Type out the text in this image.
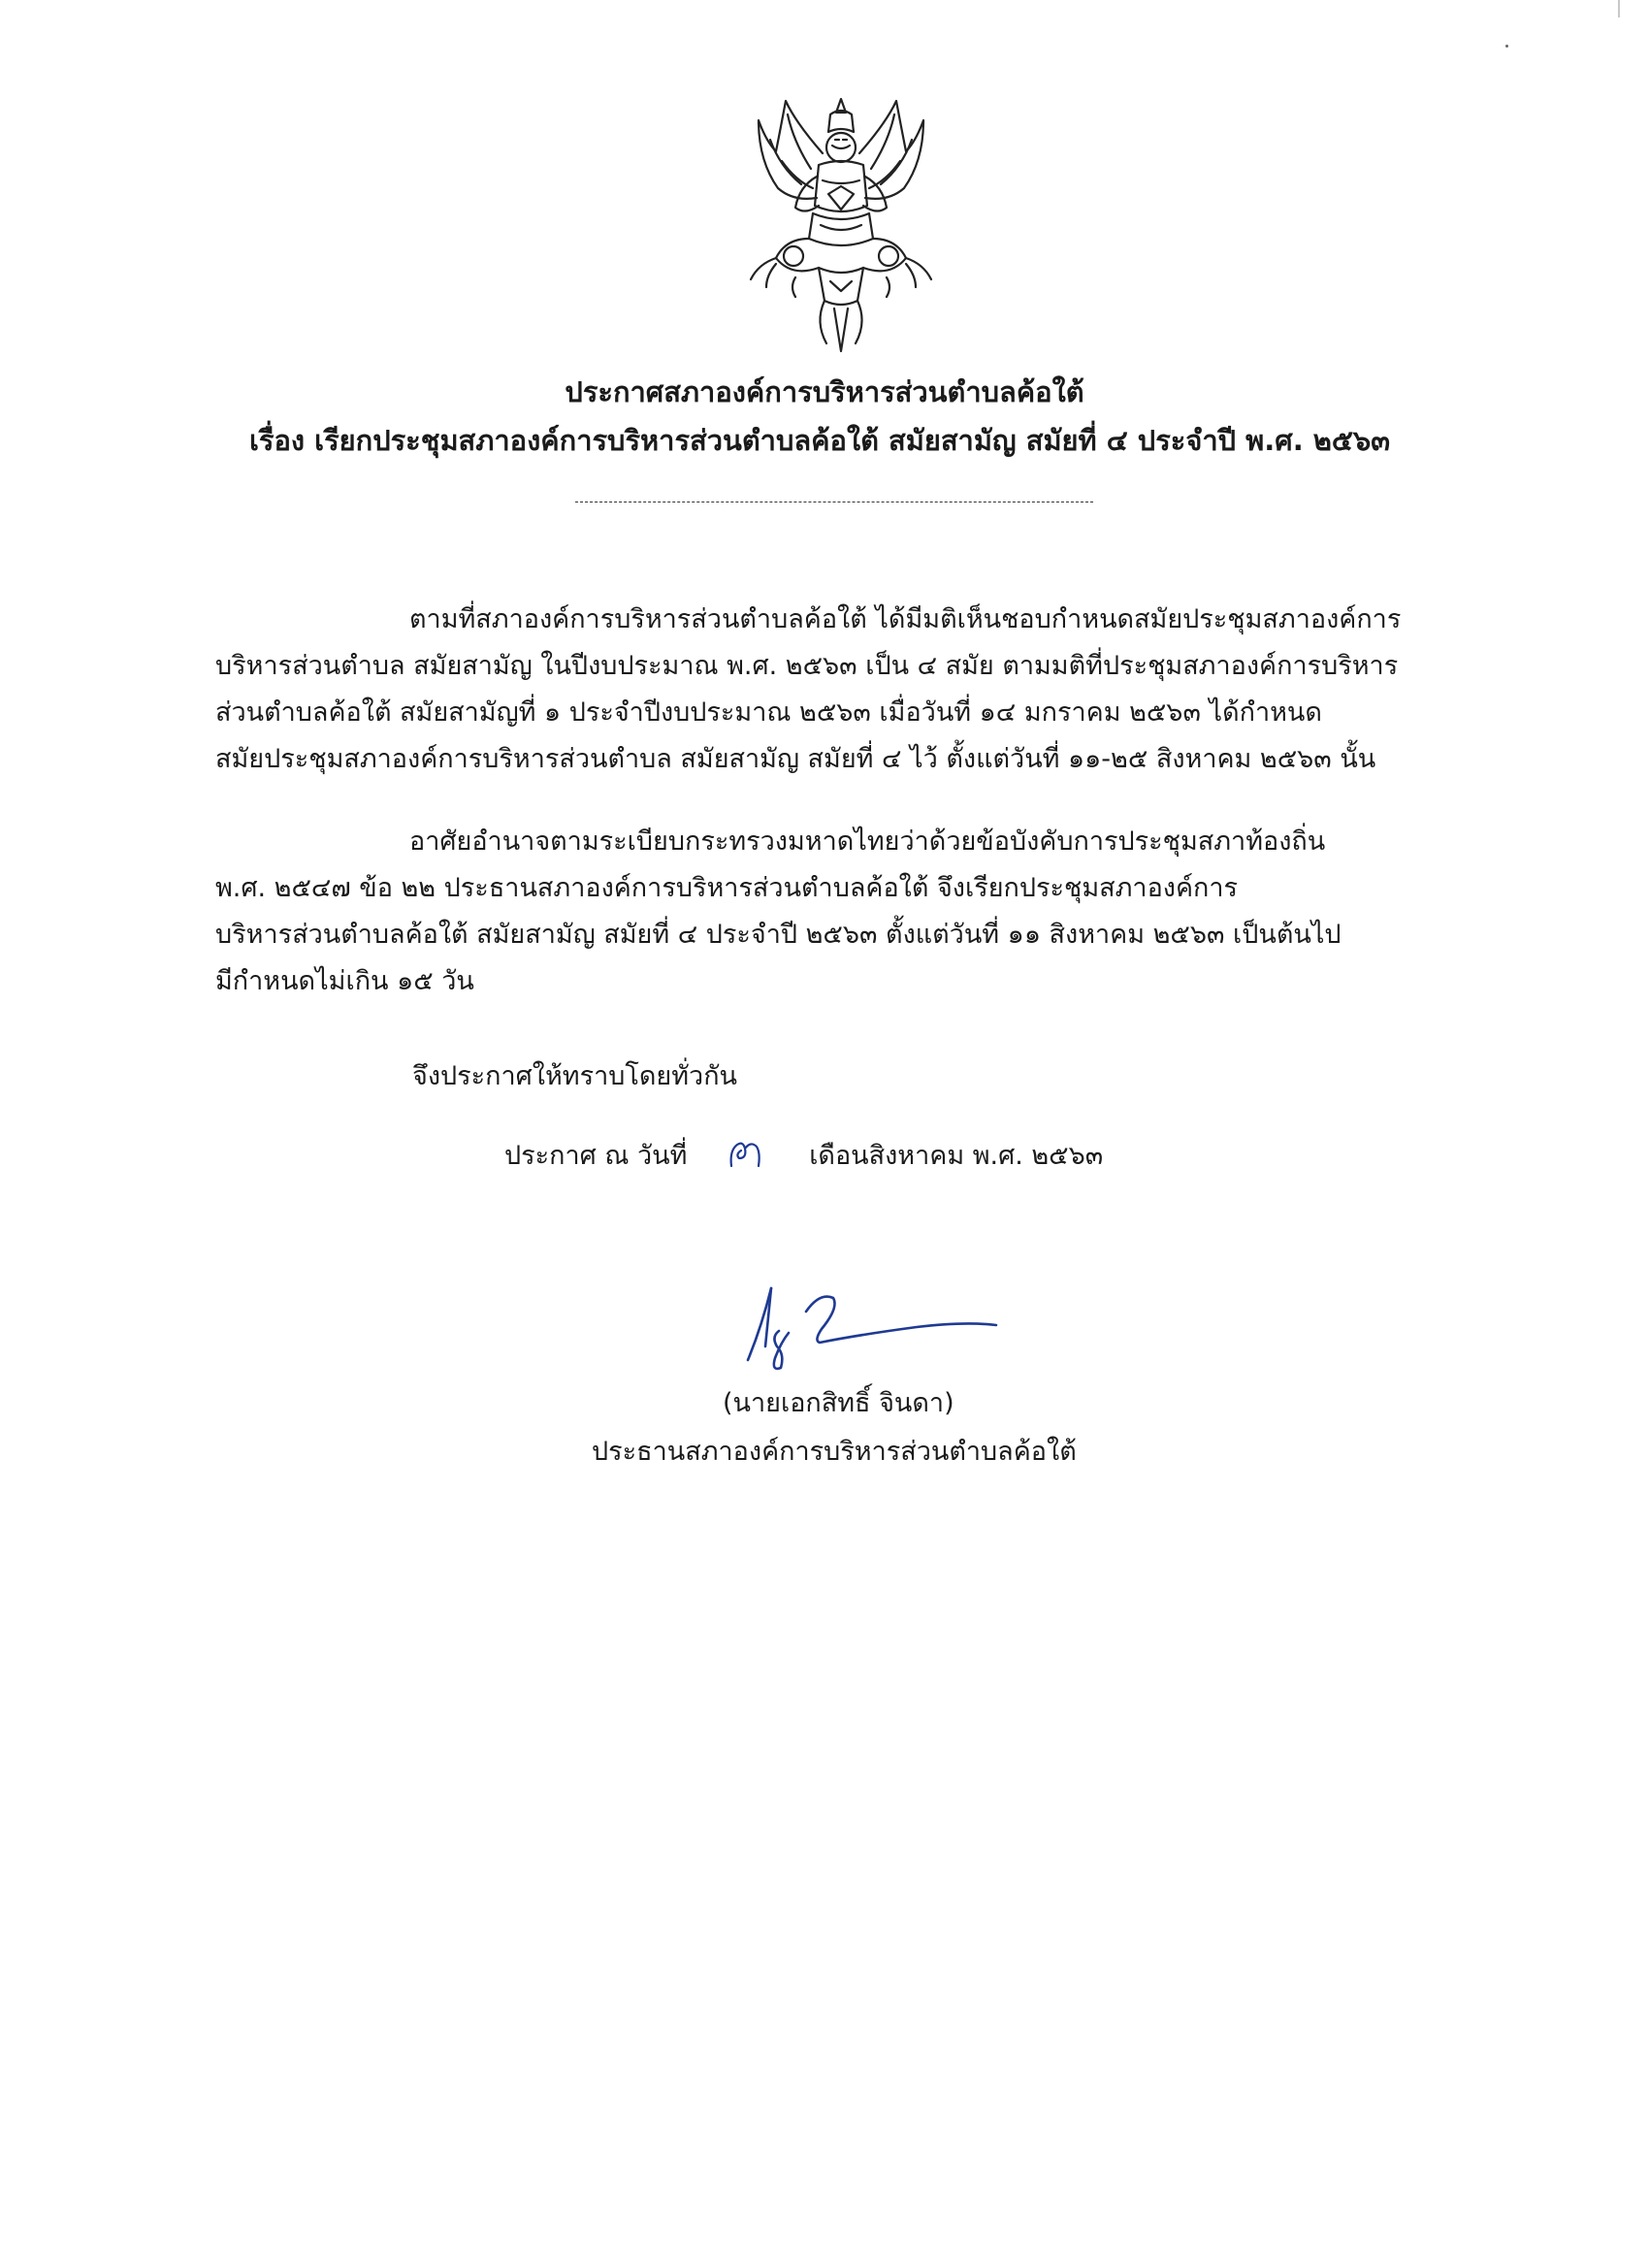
ประกาศสภาองค์การบริหารส่วนตำบลค้อใต้
เรื่อง เรียกประชุมสภาองค์การบริหารส่วนตำบลค้อใต้ สมัยสามัญ สมัยที่ ๔ ประจำปี พ.ศ. ๒๕๖๓
ตามที่สภาองค์การบริหารส่วนตำบลค้อใต้ ได้มีมติเห็นชอบกำหนดสมัยประชุมสภาองค์การ
บริหารส่วนตำบล สมัยสามัญ ในปีงบประมาณ พ.ศ. ๒๕๖๓ เป็น ๔ สมัย ตามมติที่ประชุมสภาองค์การบริหาร
ส่วนตำบลค้อใต้ สมัยสามัญที่ ๑ ประจำปีงบประมาณ ๒๕๖๓ เมื่อวันที่ ๑๔ มกราคม ๒๕๖๓ ได้กำหนด
สมัยประชุมสภาองค์การบริหารส่วนตำบล สมัยสามัญ สมัยที่ ๔ ไว้ ตั้งแต่วันที่ ๑๑-๒๕ สิงหาคม ๒๕๖๓ นั้น
อาศัยอำนาจตามระเบียบกระทรวงมหาดไทยว่าด้วยข้อบังคับการประชุมสภาท้องถิ่น
พ.ศ. ๒๕๔๗ ข้อ ๒๒ ประธานสภาองค์การบริหารส่วนตำบลค้อใต้ จึงเรียกประชุมสภาองค์การ
บริหารส่วนตำบลค้อใต้ สมัยสามัญ สมัยที่ ๔ ประจำปี ๒๕๖๓ ตั้งแต่วันที่ ๑๑ สิงหาคม ๒๕๖๓ เป็นต้นไป
มีกำหนดไม่เกิน ๑๕ วัน
จึงประกาศให้ทราบโดยทั่วกัน
ประกาศ ณ วันที่	เดือนสิงหาคม พ.ศ. ๒๕๖๓
(นายเอกสิทธิ์ จินดา)
ประธานสภาองค์การบริหารส่วนตำบลค้อใต้
